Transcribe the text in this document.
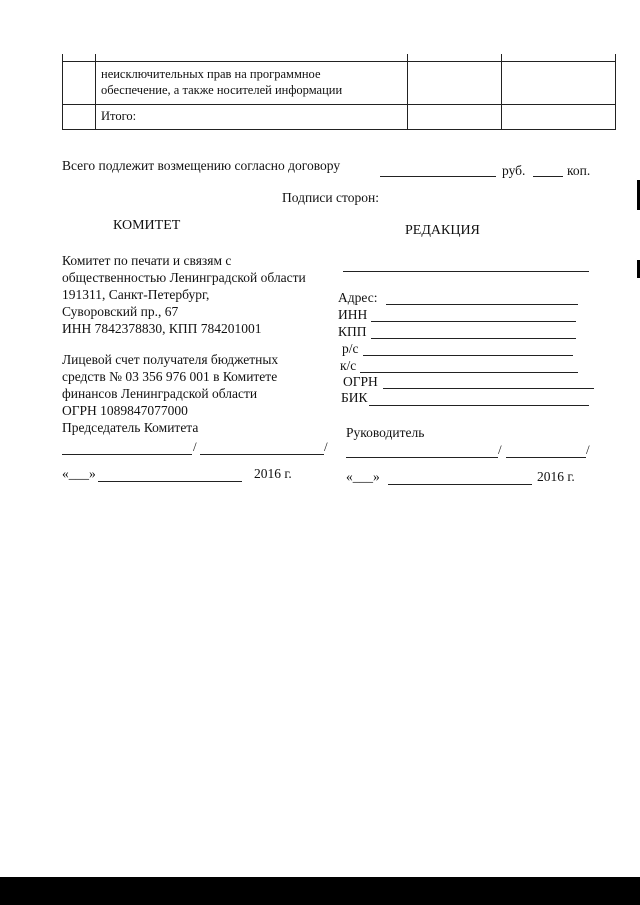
неисключительных прав на программное
обеспечение, а также носителей информации
Итого:
Всего подлежит возмещению согласно договору	руб.	коп.
Подписи сторон:
КОМИТЕТ
Комитет по печати и связям с
общественностью Ленинградской области
191311, Санкт-Петербург,
Суворовский пр., 67
ИНН 7842378830, КПП 784201001
Лицевой счет получателя бюджетных
средств № 03 356 976 001 в Комитете
финансов Ленинградской области
ОГРН 1089847077000
Председатель Комитета
/	/
«___»	2016 г.
РЕДАКЦИЯ
Адрес:
ИНН
КПП
р/с
к/с
ОГРН
БИК
Руководитель
/	/
«___»	2016 г.
